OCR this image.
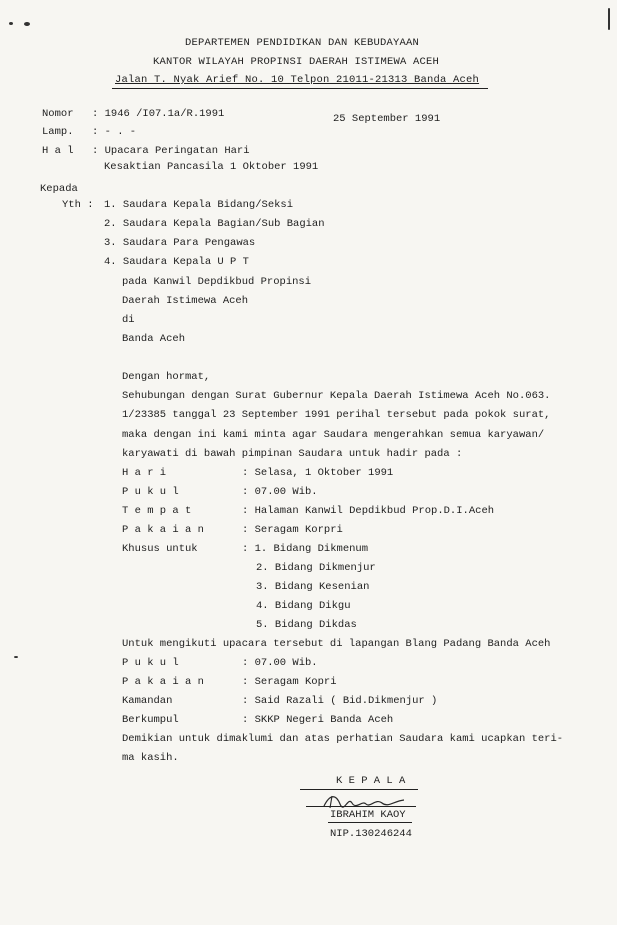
DEPARTEMEN PENDIDIKAN DAN KEBUDAYAAN
KANTOR WILAYAH PROPINSI DAERAH ISTIMEWA ACEH
Jalan T. Nyak Arief No. 10 Telpon 21011-21313 Banda Aceh
Nomor : 1946 /I07.1a/R.1991	25 September 1991
Lamp. : - . -
H a l : Upacara Peringatan Hari
Kesaktian Pancasila 1 Oktober 1991
Kepada
Yth : 1. Saudara Kepala Bidang/Seksi
2. Saudara Kepala Bagian/Sub Bagian
3. Saudara Para Pengawas
4. Saudara Kepala U P T
pada Kanwil Depdikbud Propinsi
Daerah Istimewa Aceh
di
Banda Aceh
Dengan hormat,
Sehubungan dengan Surat Gubernur Kepala Daerah Istimewa Aceh No.063.
1/23385 tanggal 23 September 1991 perihal tersebut pada pokok surat,
maka dengan ini kami minta agar Saudara mengerahkan semua karyawan/
karyawati di bawah pimpinan Saudara untuk hadir pada :
H a r i	: Selasa, 1 Oktober 1991
P u k u l	: 07.00 Wib.
T e m p a t	: Halaman Kanwil Depdikbud Prop.D.I.Aceh
P a k a i a n	: Seragam Korpri
Khusus untuk	: 1. Bidang Dikmenum
2. Bidang Dikmenjur
3. Bidang Kesenian
4. Bidang Dikgu
5. Bidang Dikdas
Untuk mengikuti upacara tersebut di lapangan Blang Padang Banda Aceh
P u k u l	: 07.00 Wib.
P a k a i a n	: Seragam Kopri
Kamandan	: Said Razali ( Bid.Dikmenjur )
Berkumpul	: SKKP Negeri Banda Aceh
Demikian untuk dimaklumi dan atas perhatian Saudara kami ucapkan teri-
ma kasih.
K E P A L A
IBRAHIM KAOY
NIP.130246244
